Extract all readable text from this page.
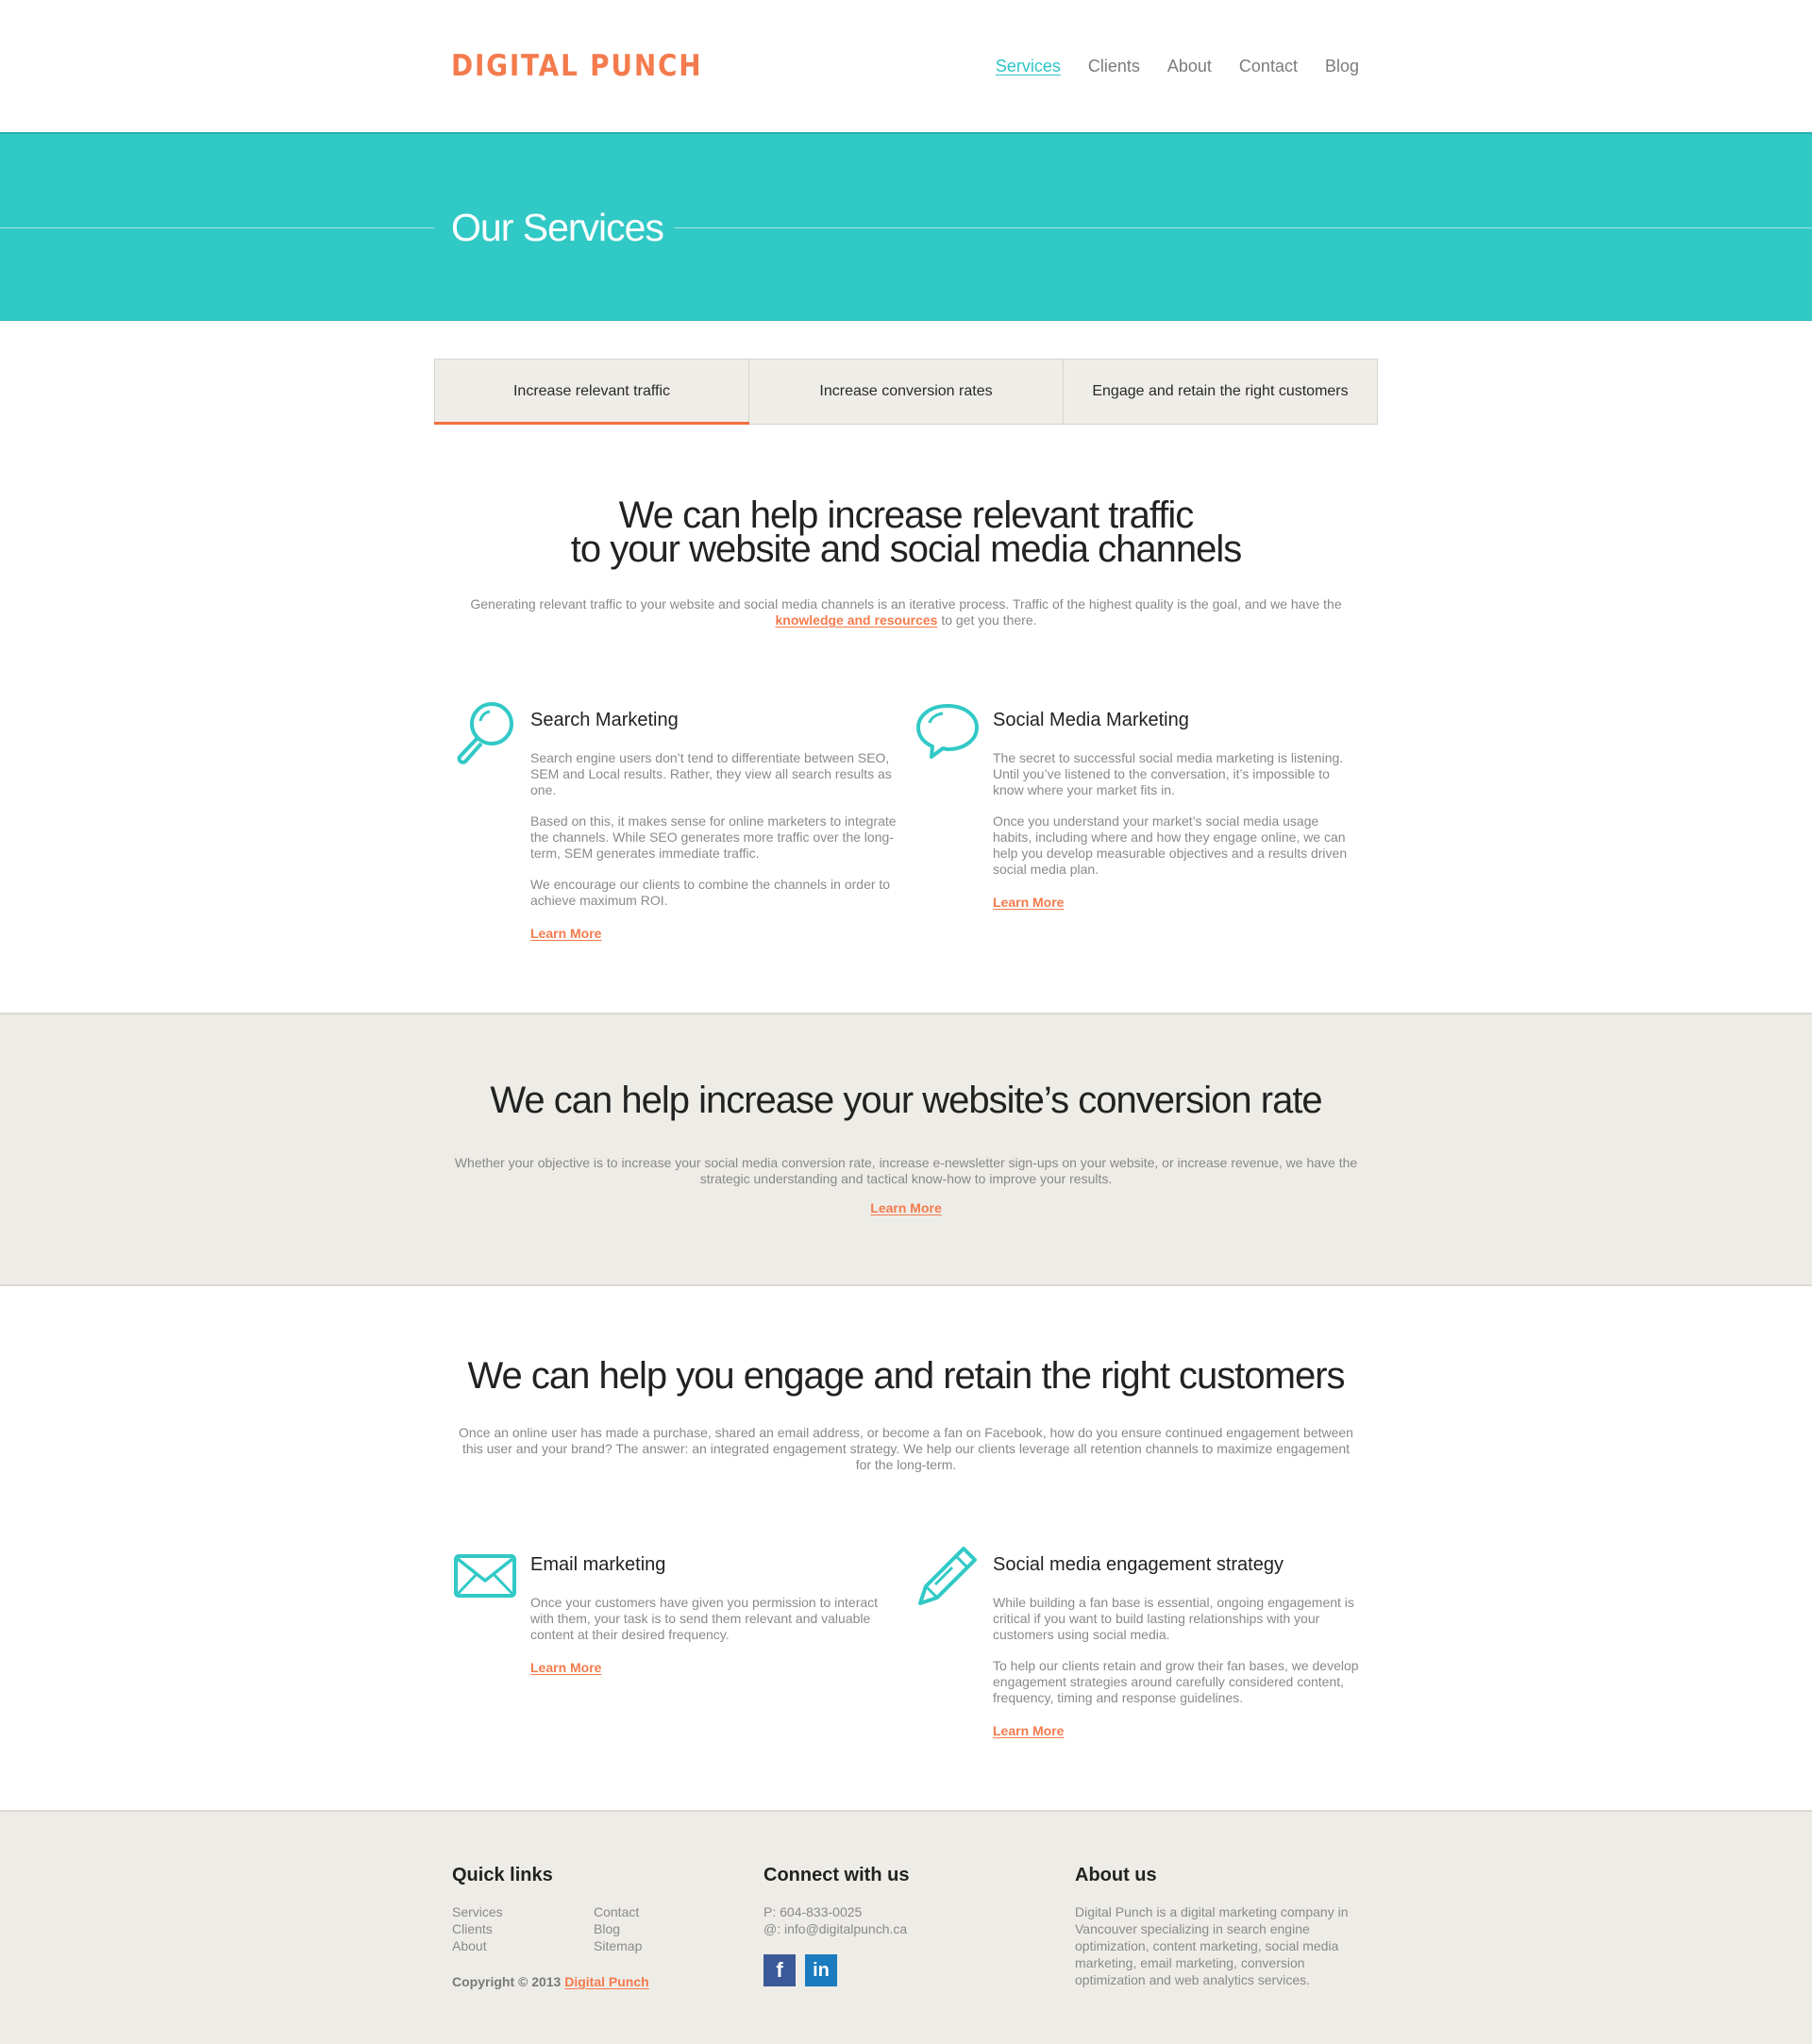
DIGITAL PUNCH	Services Clients About Contact Blog
Our Services
Increase relevant traffic	Increase conversion rates	Engage and retain the right customers
We can help increase relevant traffic
to your website and social media channels
Generating relevant traffic to your website and social media channels is an iterative process. Traffic of the highest quality is the goal, and we have the
knowledge and resources to get you there.
Search Marketing

Search engine users don’t tend to differentiate between SEO, SEM and Local results. Rather, they view all search results as one.

Based on this, it makes sense for online marketers to integrate the channels. While SEO generates more traffic over the long-term, SEM generates immediate traffic.

We encourage our clients to combine the channels in order to achieve maximum ROI.

Learn More
Social Media Marketing

The secret to successful social media marketing is listening. Until you’ve listened to the conversation, it’s impossible to know where your market fits in.

Once you understand your market’s social media usage habits, including where and how they engage online, we can help you develop measurable objectives and a results driven social media plan.

Learn More
We can help increase your website’s conversion rate
Whether your objective is to increase your social media conversion rate, increase e-newsletter sign-ups on your website, or increase revenue, we have the strategic understanding and tactical know-how to improve your results.
Learn More
We can help you engage and retain the right customers
Once an online user has made a purchase, shared an email address, or become a fan on Facebook, how do you ensure continued engagement between this user and your brand? The answer: an integrated engagement strategy. We help our clients leverage all retention channels to maximize engagement for the long-term.
Email marketing

Once your customers have given you permission to interact with them, your task is to send them relevant and valuable content at their desired frequency.

Learn More
Social media engagement strategy

While building a fan base is essential, ongoing engagement is critical if you want to build lasting relationships with your customers using social media.

To help our clients retain and grow their fan bases, we develop engagement strategies around carefully considered content, frequency, timing and response guidelines.

Learn More
Quick links
Services	Contact
Clients	Blog
About	Sitemap
Copyright © 2013 Digital Punch
Connect with us
P: 604-833-0025
@: info@digitalpunch.ca
f	in
About us
Digital Punch is a digital marketing company in Vancouver specializing in search engine optimization, content marketing, social media marketing, email marketing, conversion optimization and web analytics services.
